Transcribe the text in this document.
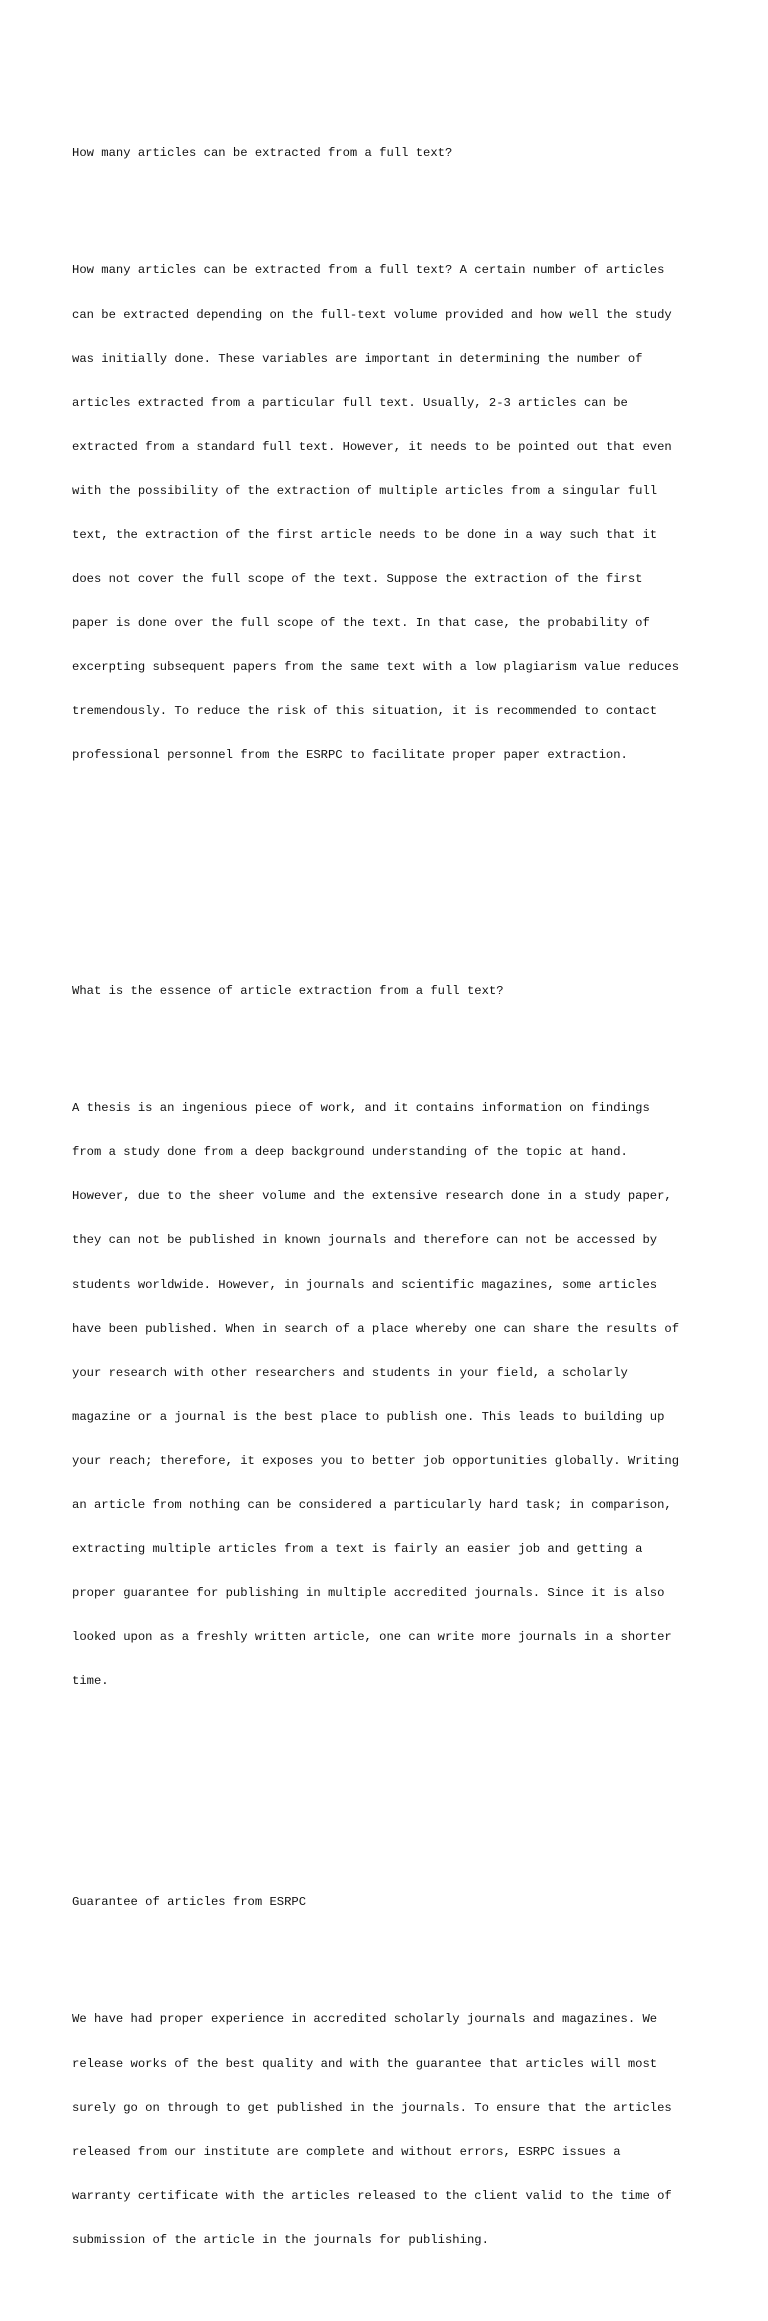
How many articles can be extracted from a full text?

How many articles can be extracted from a full text? A certain number of articles

can be extracted depending on the full-text volume provided and how well the study

was initially done. These variables are important in determining the number of

articles extracted from a particular full text. Usually, 2-3 articles can be

extracted from a standard full text. However, it needs to be pointed out that even

with the possibility of the extraction of multiple articles from a singular full

text, the extraction of the first article needs to be done in a way such that it

does not cover the full scope of the text. Suppose the extraction of the first

paper is done over the full scope of the text. In that case, the probability of

excerpting subsequent papers from the same text with a low plagiarism value reduces

tremendously. To reduce the risk of this situation, it is recommended to contact

professional personnel from the ESRPC to facilitate proper paper extraction.

What is the essence of article extraction from a full text?

A thesis is an ingenious piece of work, and it contains information on findings

from a study done from a deep background understanding of the topic at hand.

However, due to the sheer volume and the extensive research done in a study paper,

they can not be published in known journals and therefore can not be accessed by

students worldwide. However, in journals and scientific magazines, some articles

have been published. When in search of a place whereby one can share the results of

your research with other researchers and students in your field, a scholarly

magazine or a journal is the best place to publish one. This leads to building up

your reach; therefore, it exposes you to better job opportunities globally. Writing

an article from nothing can be considered a particularly hard task; in comparison,

extracting multiple articles from a text is fairly an easier job and getting a

proper guarantee for publishing in multiple accredited journals. Since it is also

looked upon as a freshly written article, one can write more journals in a shorter

time.

Guarantee of articles from ESRPC

We have had proper experience in accredited scholarly journals and magazines. We

release works of the best quality and with the guarantee that articles will most

surely go on through to get published in the journals. To ensure that the articles

released from our institute are complete and without errors, ESRPC issues a

warranty certificate with the articles released to the client valid to the time of

submission of the article in the journals for publishing.
